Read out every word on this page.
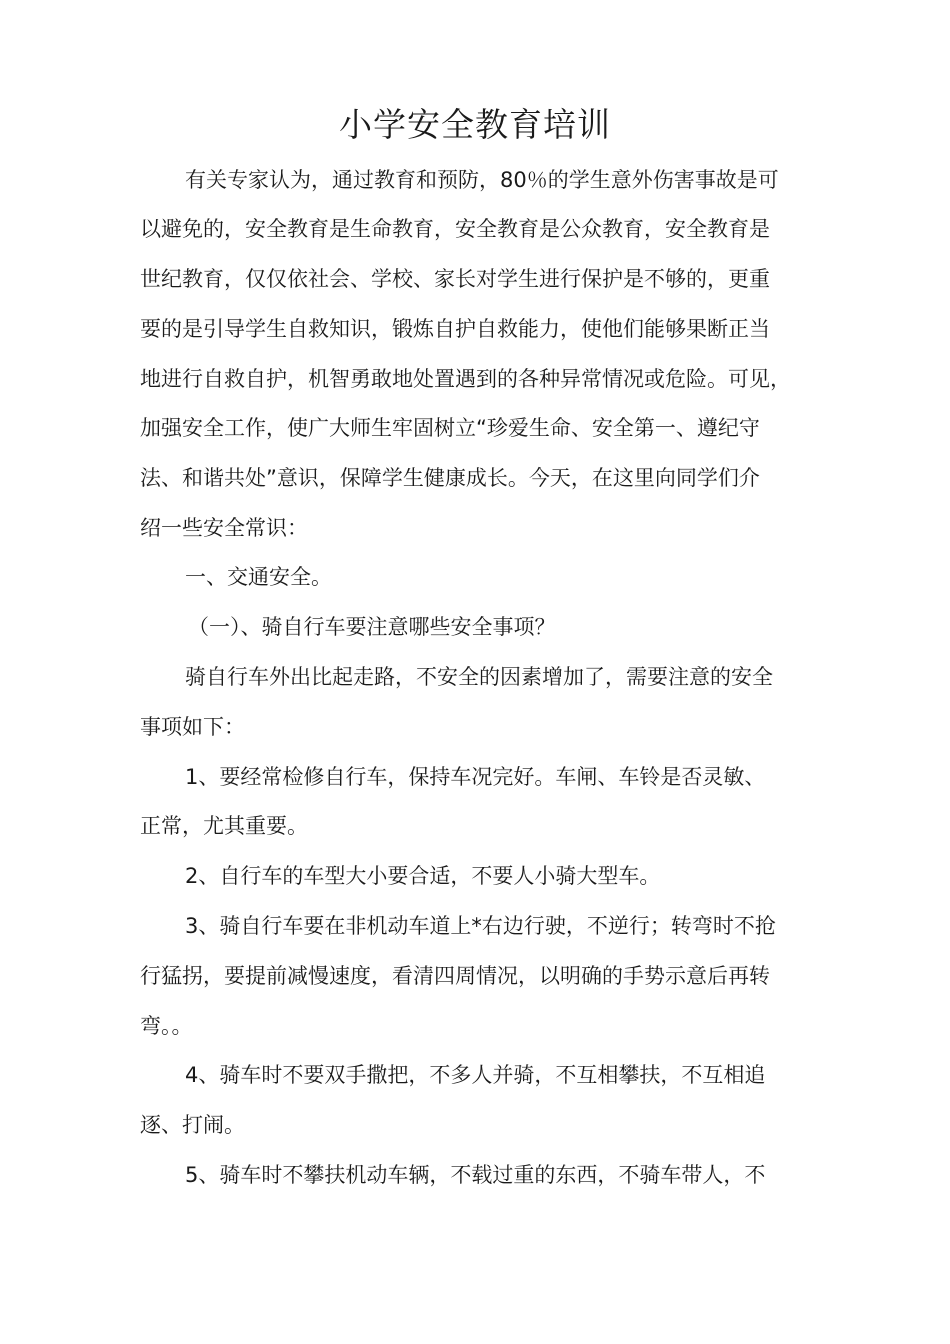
小学安全教育培训

有关专家认为，通过教育和预防，80％的学生意外伤害事故是可

以避免的，安全教育是生命教育，安全教育是公众教育，安全教育是

世纪教育，仅仅依社会、学校、家长对学生进行保护是不够的，更重

要的是引导学生自救知识，锻炼自护自救能力，使他们能够果断正当

地进行自救自护，机智勇敢地处置遇到的各种异常情况或危险。可见，

加强安全工作，使广大师生牢固树立“珍爱生命、安全第一、遵纪守

法、和谐共处”意识，保障学生健康成长。今天，在这里向同学们介

绍一些安全常识：

一、交通安全。

（一）、骑自行车要注意哪些安全事项？

骑自行车外出比起走路，不安全的因素增加了，需要注意的安全

事项如下：

1、要经常检修自行车，保持车况完好。车闸、车铃是否灵敏、

正常，尤其重要。

2、自行车的车型大小要合适，不要人小骑大型车。

3、骑自行车要在非机动车道上*右边行驶，不逆行；转弯时不抢

行猛拐，要提前减慢速度，看清四周情况，以明确的手势示意后再转

弯。。

4、骑车时不要双手撒把，不多人并骑，不互相攀扶，不互相追

逐、打闹。

5、骑车时不攀扶机动车辆，不载过重的东西，不骑车带人，不
